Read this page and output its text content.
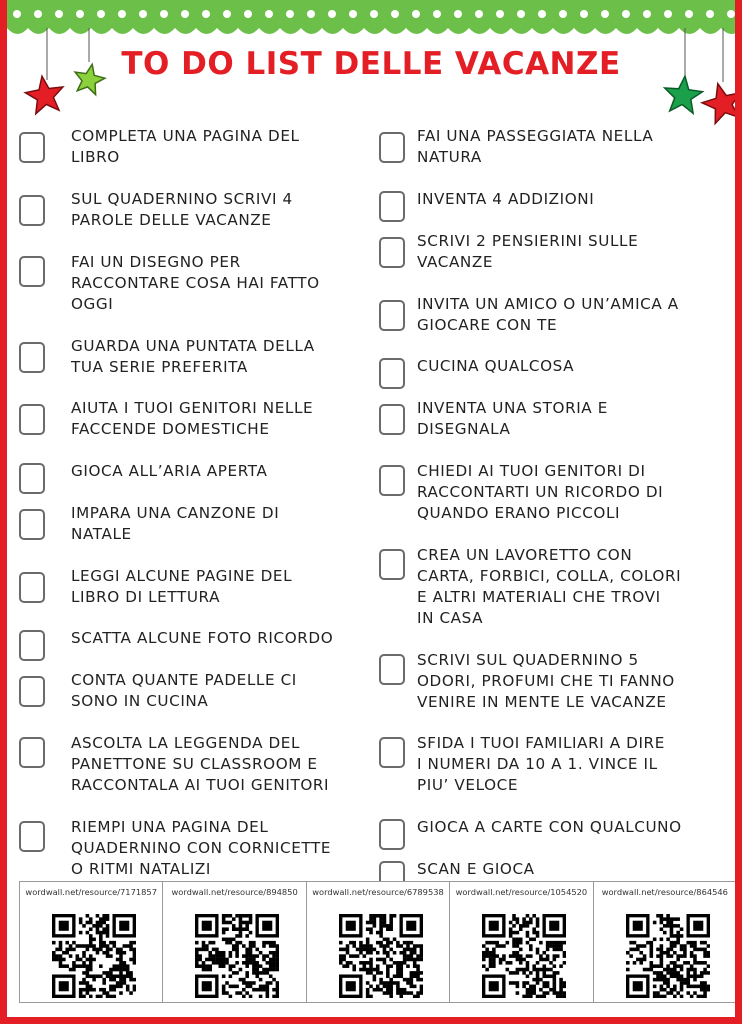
TO DO LIST DELLE VACANZE
COMPLETA UNA PAGINA DEL
LIBRO
SUL QUADERNINO SCRIVI 4
PAROLE DELLE VACANZE
FAI UN DISEGNO PER
RACCONTARE COSA HAI FATTO
OGGI
GUARDA UNA PUNTATA DELLA
TUA SERIE PREFERITA
AIUTA I TUOI GENITORI NELLE
FACCENDE DOMESTICHE
GIOCA ALL’ARIA APERTA
IMPARA UNA CANZONE DI
NATALE
LEGGI ALCUNE PAGINE DEL
LIBRO DI LETTURA
SCATTA ALCUNE FOTO RICORDO
CONTA QUANTE PADELLE CI
SONO IN CUCINA
ASCOLTA LA LEGGENDA DEL
PANETTONE SU CLASSROOM E
RACCONTALA AI TUOI GENITORI
RIEMPI UNA PAGINA DEL
QUADERNINO CON CORNICETTE
O RITMI NATALIZI
FAI UNA PASSEGGIATA NELLA
NATURA
INVENTA 4 ADDIZIONI
SCRIVI 2 PENSIERINI SULLE
VACANZE
INVITA UN AMICO O UN’AMICA A
GIOCARE CON TE
CUCINA QUALCOSA
INVENTA UNA STORIA E
DISEGNALA
CHIEDI AI TUOI GENITORI DI
RACCONTARTI UN RICORDO DI
QUANDO ERANO PICCOLI
CREA UN LAVORETTO CON
CARTA, FORBICI, COLLA, COLORI
E ALTRI MATERIALI CHE TROVI
IN CASA
SCRIVI SUL QUADERNINO 5
ODORI, PROFUMI CHE TI FANNO
VENIRE IN MENTE LE VACANZE
SFIDA I TUOI FAMILIARI A DIRE
I NUMERI DA 10 A 1. VINCE IL
PIU’ VELOCE
GIOCA A CARTE CON QUALCUNO
SCAN E GIOCA
wordwall.net/resource/7171857	wordwall.net/resource/894850	wordwall.net/resource/6789538	wordwall.net/resource/1054520	wordwall.net/resource/864546
